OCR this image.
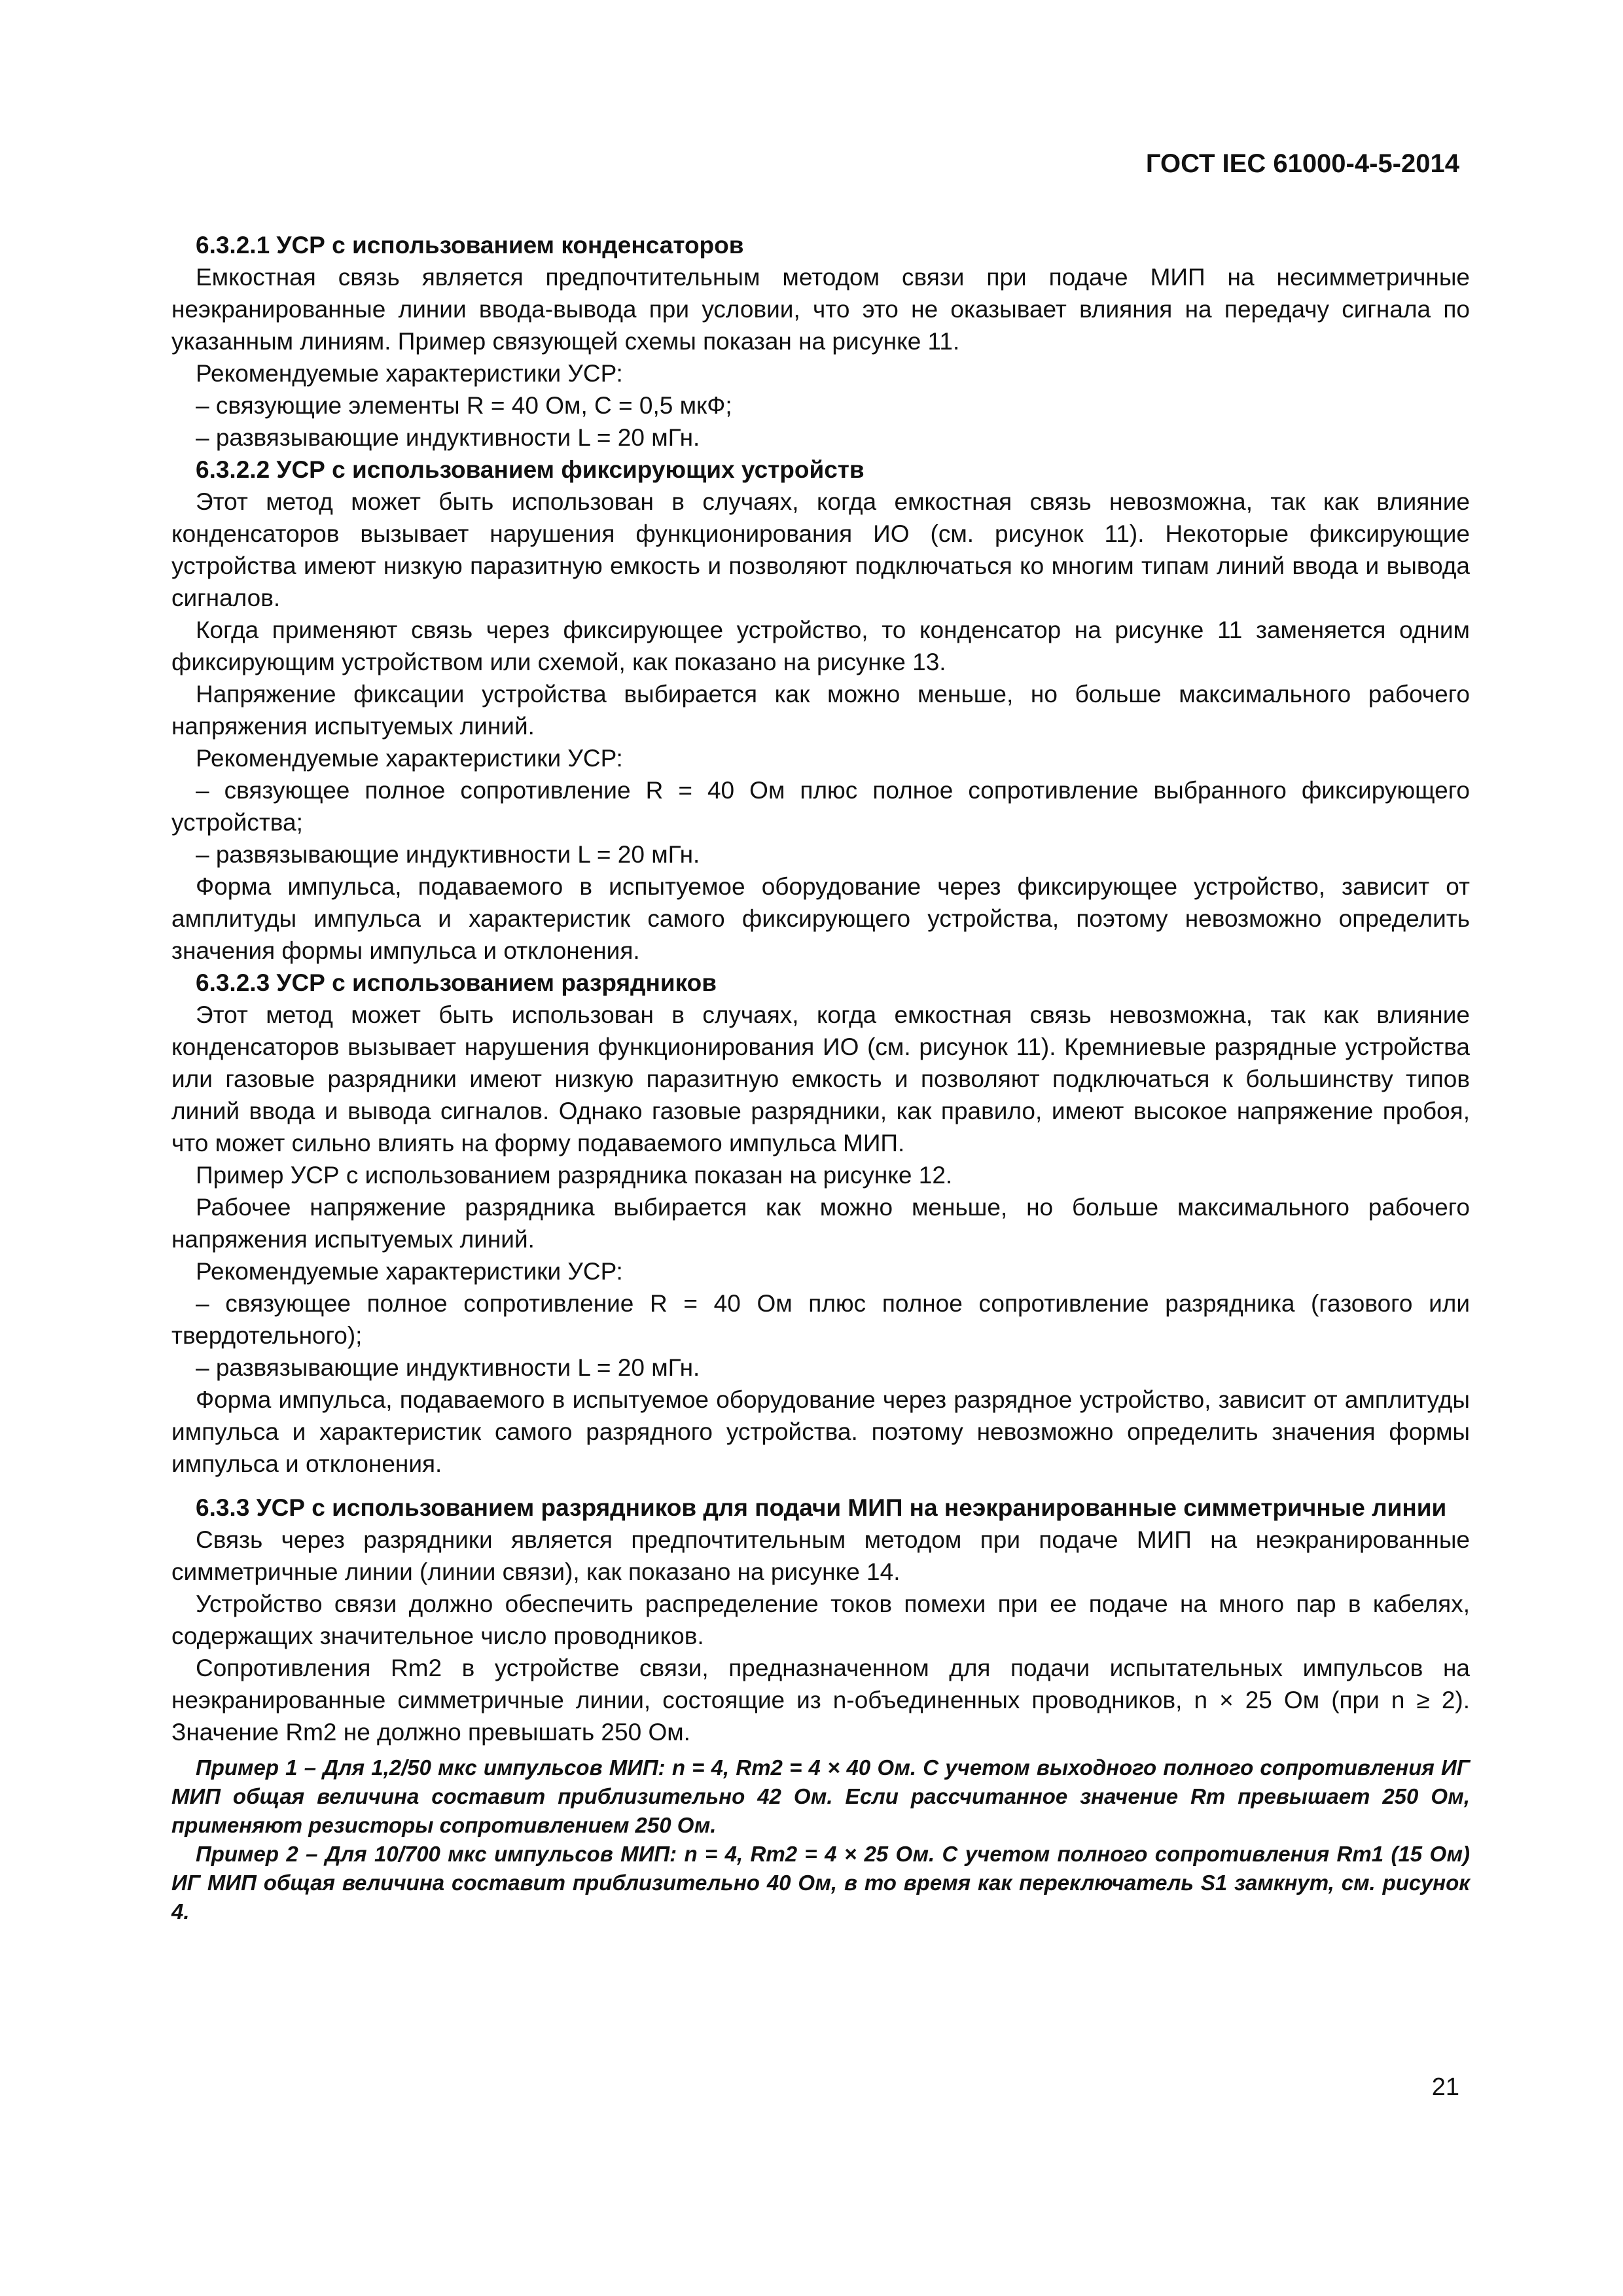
ГОСТ IEC 61000-4-5-2014

6.3.2.1 УСР с использованием конденсаторов

Емкостная связь является предпочтительным методом связи при подаче МИП на несимметричные неэкранированные линии ввода-вывода при условии, что это не оказывает влияния на передачу сигнала по указанным линиям. Пример связующей схемы показан на рисунке 11.

Рекомендуемые характеристики УСР:

– связующие элементы R = 40 Ом, C = 0,5 мкФ;

– развязывающие индуктивности L = 20 мГн.

6.3.2.2 УСР с использованием фиксирующих устройств

Этот метод может быть использован в случаях, когда емкостная связь невозможна, так как влияние конденсаторов вызывает нарушения функционирования ИО (см. рисунок 11). Некоторые фиксирующие устройства имеют низкую паразитную емкость и позволяют подключаться ко многим типам линий ввода и вывода сигналов.

Когда применяют связь через фиксирующее устройство, то конденсатор на рисунке 11 заменяется одним фиксирующим устройством или схемой, как показано на рисунке 13.

Напряжение фиксации устройства выбирается как можно меньше, но больше максимального рабочего напряжения испытуемых линий.

Рекомендуемые характеристики УСР:

– связующее полное сопротивление R = 40 Ом плюс полное сопротивление выбранного фиксирующего устройства;

– развязывающие индуктивности L = 20 мГн.

Форма импульса, подаваемого в испытуемое оборудование через фиксирующее устройство, зависит от амплитуды импульса и характеристик самого фиксирующего устройства, поэтому невозможно определить значения формы импульса и отклонения.

6.3.2.3 УСР с использованием разрядников

Этот метод может быть использован в случаях, когда емкостная связь невозможна, так как влияние конденсаторов вызывает нарушения функционирования ИО (см. рисунок 11). Кремниевые разрядные устройства или газовые разрядники имеют низкую паразитную емкость и позволяют подключаться к большинству типов линий ввода и вывода сигналов. Однако газовые разрядники, как правило, имеют высокое напряжение пробоя, что может сильно влиять на форму подаваемого импульса МИП.

Пример УСР с использованием разрядника показан на рисунке 12.

Рабочее напряжение разрядника выбирается как можно меньше, но больше максимального рабочего напряжения испытуемых линий.

Рекомендуемые характеристики УСР:

– связующее полное сопротивление R = 40 Ом плюс полное сопротивление разрядника (газового или твердотельного);

– развязывающие индуктивности L = 20 мГн.

Форма импульса, подаваемого в испытуемое оборудование через разрядное устройство, зависит от амплитуды импульса и характеристик самого разрядного устройства. поэтому невозможно определить значения формы импульса и отклонения.

6.3.3 УСР с использованием разрядников для подачи МИП на неэкранированные симметричные линии

Связь через разрядники является предпочтительным методом при подаче МИП на неэкранированные симметричные линии (линии связи), как показано на рисунке 14.

Устройство связи должно обеспечить распределение токов помехи при ее подаче на много пар в кабелях, содержащих значительное число проводников.

Сопротивления Rm2 в устройстве связи, предназначенном для подачи испытательных импульсов на неэкранированные симметричные линии, состоящие из n-объединенных проводников, n × 25 Ом (при n ≥ 2). Значение Rm2 не должно превышать 250 Ом.

Пример 1 – Для 1,2/50 мкс импульсов МИП: n = 4, Rm2 = 4 × 40 Ом. С учетом выходного полного сопротивления ИГ МИП общая величина составит приблизительно 42 Ом. Если рассчитанное значение Rm превышает 250 Ом, применяют резисторы сопротивлением 250 Ом.

Пример 2 – Для 10/700 мкс импульсов МИП: n = 4, Rm2 = 4 × 25 Ом. С учетом полного сопротивления Rm1 (15 Ом) ИГ МИП общая величина составит приблизительно 40 Ом, в то время как переключатель S1 замкнут, см. рисунок 4.

21
